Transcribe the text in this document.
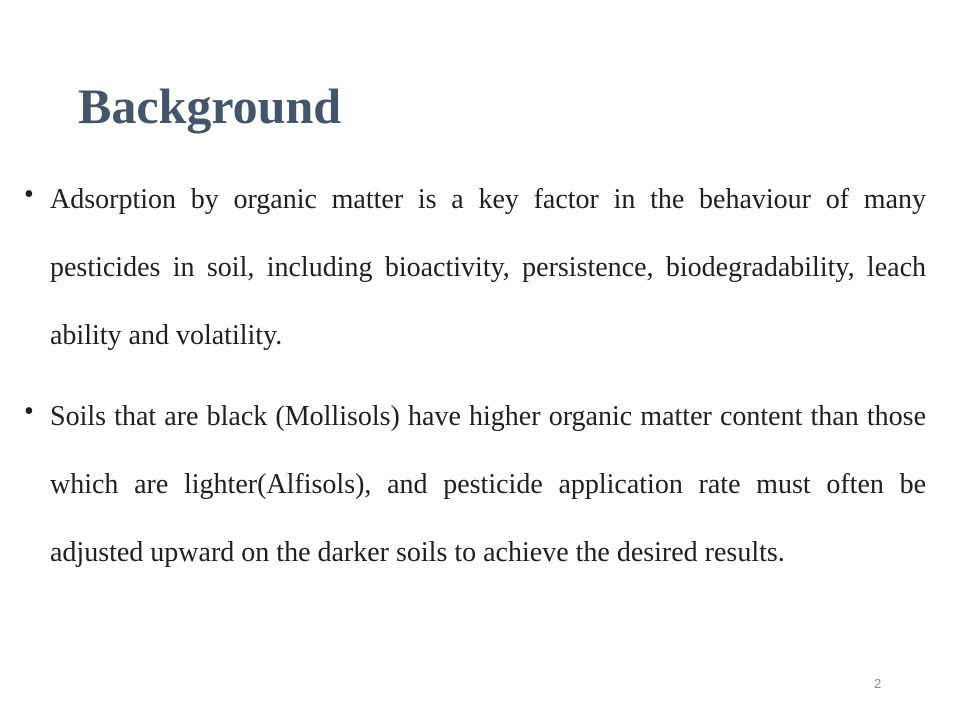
Background
• Adsorption by organic matter is a key factor in the behaviour of many pesticides in soil, including bioactivity, persistence, biodegradability, leach ability and volatility.
• Soils that are black (Mollisols) have higher organic matter content than those which are lighter(Alfisols), and pesticide application rate must often be adjusted upward on the darker soils to achieve the desired results.
2
